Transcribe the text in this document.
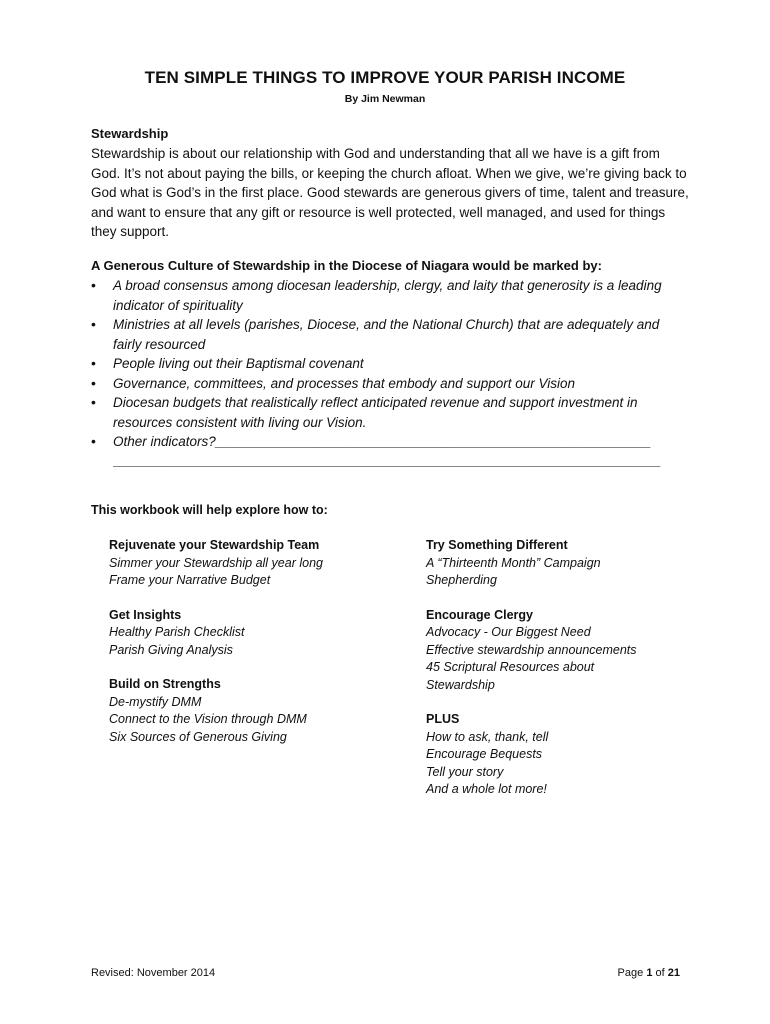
TEN SIMPLE THINGS TO IMPROVE YOUR PARISH INCOME
By Jim Newman
Stewardship
Stewardship is about our relationship with God and understanding that all we have is a gift from God. It’s not about paying the bills, or keeping the church afloat. When we give, we’re giving back to God what is God’s in the first place. Good stewards are generous givers of time, talent and treasure, and want to ensure that any gift or resource is well protected, well managed, and used for things they support.
A Generous Culture of Stewardship in the Diocese of Niagara would be marked by:
• A broad consensus among diocesan leadership, clergy, and laity that generosity is a leading indicator of spirituality
• Ministries at all levels (parishes, Diocese, and the National Church) that are adequately and fairly resourced
• People living out their Baptismal covenant
• Governance, committees, and processes that embody and support our Vision
• Diocesan budgets that realistically reflect anticipated revenue and support investment in resources consistent with living our Vision.
• Other indicators?__________________________________________________________
_________________________________________________________________________
This workbook will help explore how to:
Rejuvenate your Stewardship Team
Simmer your Stewardship all year long
Frame your Narrative Budget
Get Insights
Healthy Parish Checklist
Parish Giving Analysis
Build on Strengths
De-mystify DMM
Connect to the Vision through DMM
Six Sources of Generous Giving
Try Something Different
A “Thirteenth Month” Campaign
Shepherding
Encourage Clergy
Advocacy - Our Biggest Need
Effective stewardship announcements
45 Scriptural Resources about Stewardship
PLUS
How to ask, thank, tell
Encourage Bequests
Tell your story
And a whole lot more!
Revised: November 2014	Page 1 of 21
